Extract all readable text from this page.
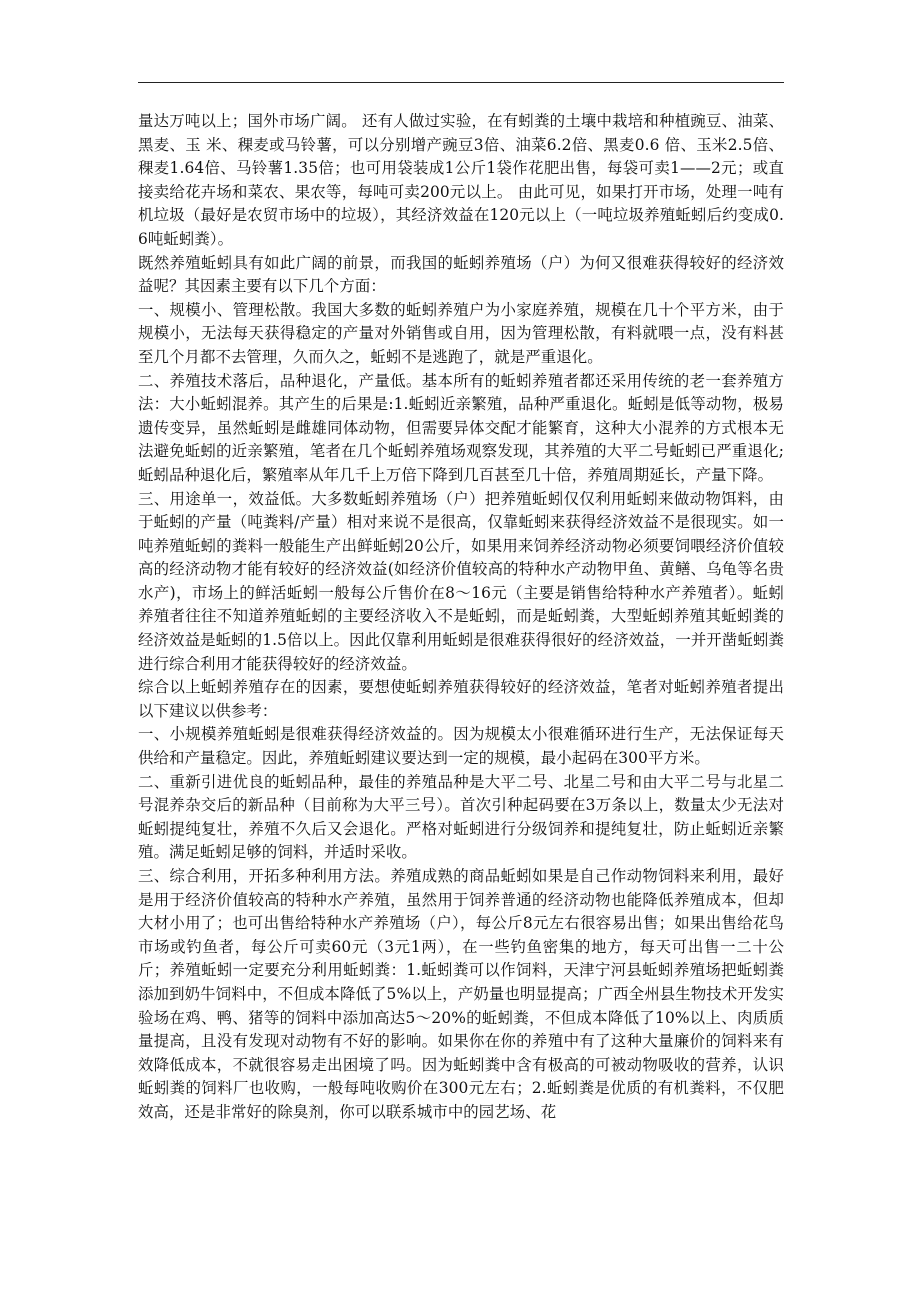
量达万吨以上；国外市场广阔。 还有人做过实验，在有蚓粪的土壤中栽培和种植豌豆、油菜、黑麦、玉 米、稞麦或马铃薯，可以分别增产豌豆3倍、油菜6.2倍、黑麦0.6 倍、玉米2.5倍、稞麦1.64倍、马铃薯1.35倍；也可用袋装成1公斤1袋作花肥出售，每袋可卖1——2元；或直接卖给花卉场和菜农、果农等，每吨可卖200元以上。 由此可见，如果打开市场，处理一吨有机垃圾（最好是农贸市场中的垃圾），其经济效益在120元以上（一吨垃圾养殖蚯蚓后约变成0.6吨蚯蚓粪）。

既然养殖蚯蚓具有如此广阔的前景，而我国的蚯蚓养殖场（户）为何又很难获得较好的经济效益呢？其因素主要有以下几个方面：

一、规模小、管理松散。我国大多数的蚯蚓养殖户为小家庭养殖，规模在几十个平方米，由于规模小，无法每天获得稳定的产量对外销售或自用，因为管理松散，有料就喂一点，没有料甚至几个月都不去管理，久而久之，蚯蚓不是逃跑了，就是严重退化。

二、养殖技术落后，品种退化，产量低。基本所有的蚯蚓养殖者都还采用传统的老一套养殖方法：大小蚯蚓混养。其产生的后果是:1.蚯蚓近亲繁殖，品种严重退化。蚯蚓是低等动物，极易遗传变异，虽然蚯蚓是雌雄同体动物，但需要异体交配才能繁育，这种大小混养的方式根本无法避免蚯蚓的近亲繁殖，笔者在几个蚯蚓养殖场观察发现，其养殖的大平二号蚯蚓已严重退化;蚯蚓品种退化后，繁殖率从年几千上万倍下降到几百甚至几十倍，养殖周期延长，产量下降。

三、用途单一，效益低。大多数蚯蚓养殖场（户）把养殖蚯蚓仅仅利用蚯蚓来做动物饵料，由于蚯蚓的产量（吨粪料/产量）相对来说不是很高，仅靠蚯蚓来获得经济效益不是很现实。如一吨养殖蚯蚓的粪料一般能生产出鲜蚯蚓20公斤，如果用来饲养经济动物必须要饲喂经济价值较高的经济动物才能有较好的经济效益(如经济价值较高的特种水产动物甲鱼、黄鳝、乌龟等名贵水产)，市场上的鲜活蚯蚓一般每公斤售价在8～16元（主要是销售给特种水产养殖者）。蚯蚓养殖者往往不知道养殖蚯蚓的主要经济收入不是蚯蚓，而是蚯蚓粪，大型蚯蚓养殖其蚯蚓粪的经济效益是蚯蚓的1.5倍以上。因此仅靠利用蚯蚓是很难获得很好的经济效益，一并开凿蚯蚓粪进行综合利用才能获得较好的经济效益。

综合以上蚯蚓养殖存在的因素，要想使蚯蚓养殖获得较好的经济效益，笔者对蚯蚓养殖者提出以下建议以供参考：

一、小规模养殖蚯蚓是很难获得经济效益的。因为规模太小很难循环进行生产，无法保证每天供给和产量稳定。因此，养殖蚯蚓建议要达到一定的规模，最小起码在300平方米。

二、重新引进优良的蚯蚓品种，最佳的养殖品种是大平二号、北星二号和由大平二号与北星二号混养杂交后的新品种（目前称为大平三号）。首次引种起码要在3万条以上，数量太少无法对蚯蚓提纯复壮，养殖不久后又会退化。严格对蚯蚓进行分级饲养和提纯复壮，防止蚯蚓近亲繁殖。满足蚯蚓足够的饲料，并适时采收。

三、综合利用，开拓多种利用方法。养殖成熟的商品蚯蚓如果是自己作动物饲料来利用，最好是用于经济价值较高的特种水产养殖，虽然用于饲养普通的经济动物也能降低养殖成本，但却大材小用了；也可出售给特种水产养殖场（户），每公斤8元左右很容易出售；如果出售给花鸟市场或钓鱼者，每公斤可卖60元（3元1两），在一些钓鱼密集的地方，每天可出售一二十公斤；养殖蚯蚓一定要充分利用蚯蚓粪：1.蚯蚓粪可以作饲料，天津宁河县蚯蚓养殖场把蚯蚓粪添加到奶牛饲料中，不但成本降低了5%以上，产奶量也明显提高；广西全州县生物技术开发实验场在鸡、鸭、猪等的饲料中添加高达5～20%的蚯蚓粪，不但成本降低了10%以上、肉质质量提高，且没有发现对动物有不好的影响。如果你在你的养殖中有了这种大量廉价的饲料来有效降低成本，不就很容易走出困境了吗。因为蚯蚓粪中含有极高的可被动物吸收的营养，认识蚯蚓粪的饲料厂也收购，一般每吨收购价在300元左右；2.蚯蚓粪是优质的有机粪料，不仅肥效高，还是非常好的除臭剂，你可以联系城市中的园艺场、花
